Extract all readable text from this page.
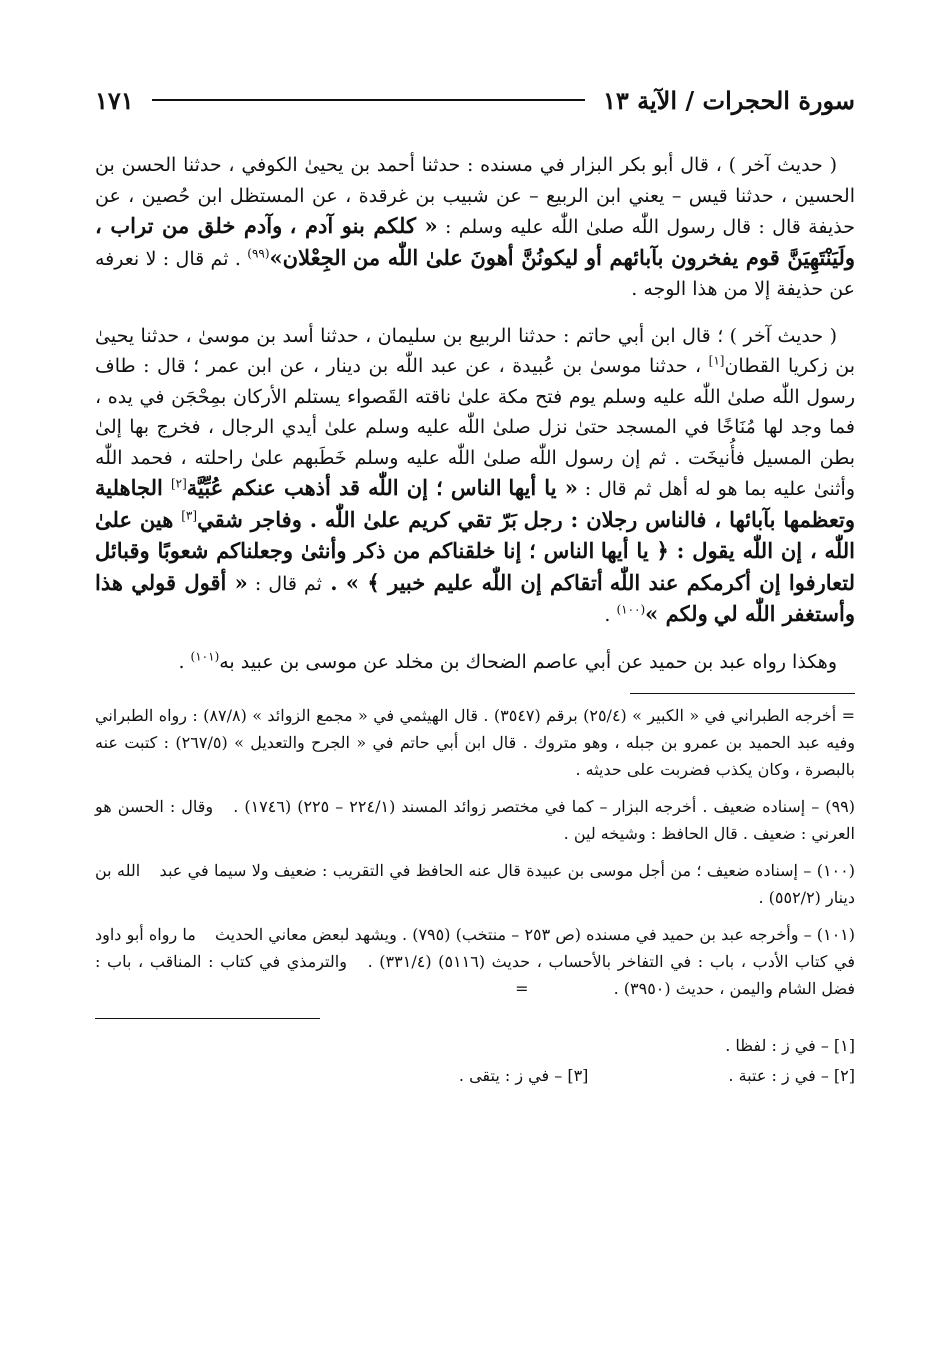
سورة الحجرات / الآية ١٣
١٧١

( حديث آخر ) ، قال أبو بكر البزار في مسنده : حدثنا أحمد بن يحيىٰ الكوفي ، حدثنا الحسن بن الحسين ، حدثنا قيس – يعني ابن الربيع – عن شبيب بن غرقدة ، عن المستظل ابن حُصين ، عن حذيفة قال : قال رسول اللّٰه صلىٰ اللّٰه عليه وسلم : « كلكم بنو آدم ، وآدم خلق من تراب ، ولَيَنْتَهِيَنَّ قوم يفخرون بآبائهم أو ليكونُنَّ أهونَ علىٰ اللّٰه من الجِعْلان»$^{(٩٩)}$ . ثم قال : لا نعرفه عن حذيفة إلا من هذا الوجه .

( حديث آخر ) ؛ قال ابن أبي حاتم : حدثنا الربيع بن سليمان ، حدثنا أسد بن موسىٰ ، حدثنا يحيىٰ بن زكريا القطان[١] ، حدثنا موسىٰ بن عُبيدة ، عن عبد اللّٰه بن دينار ، عن ابن عمر ؛ قال : طاف رسول اللّٰه صلىٰ اللّٰه عليه وسلم يوم فتح مكة علىٰ ناقته القَصواء يستلم الأركان بمِحْجَن في يده ، فما وجد لها مُنَاخًا في المسجد حتىٰ نزل صلىٰ اللّٰه عليه وسلم علىٰ أيدي الرجال ، فخرج بها إلىٰ بطن المسيل فأُنيخَت . ثم إن رسول اللّٰه صلىٰ اللّٰه عليه وسلم خَطَبهم علىٰ راحلته ، فحمد اللّٰه وأثنىٰ عليه بما هو له أهل ثم قال : « يا أيها الناس ؛ إن اللّٰه قد أذهب عنكم عُبِّيَّة[٢] الجاهلية وتعظمها بآبائها ، فالناس رجلان : رجل بَرّ تقي كريم علىٰ اللّٰه . وفاجر شقي[٣] هين علىٰ اللّٰه ، إن اللّٰه يقول : ﴿ يا أيها الناس ؛ إنا خلقناكم من ذكر وأنثىٰ وجعلناكم شعوبًا وقبائل لتعارفوا إن أكرمكم عند اللّٰه أتقاكم إن اللّٰه عليم خبير ﴾ » . ثم قال : « أقول قولي هذا وأستغفر اللّٰه لي ولكم »$^{(١٠٠)}$ .

وهكذا رواه عبد بن حميد عن أبي عاصم الضحاك بن مخلد عن موسى بن عبيد به$^{(١٠١)}$ .

= أخرجه الطبراني في « الكبير » (٢٥/٤) برقم (٣٥٤٧) . قال الهيثمي في « مجمع الزوائد » (٨٧/٨) : رواه الطبراني وفيه عبد الحميد بن عمرو بن جبله ، وهو متروك . قال ابن أبي حاتم في « الجرح والتعديل » (٢٦٧/٥) : كتبت عنه بالبصرة ، وكان يكذب فضربت على حديثه .

(٩٩) – إسناده ضعيف . أخرجه البزار – كما في مختصر زوائد المسند (٢٢٤/١ – ٢٢٥) (١٧٤٦) . وقال : الحسن هو العرني : ضعيف . قال الحافظ : وشيخه لين .

(١٠٠) – إسناده ضعيف ؛ من أجل موسى بن عبيدة قال عنه الحافظ في التقريب : ضعيف ولا سيما في عبد الله بن دينار (٥٥٢/٢) .

(١٠١) – وأخرجه عبد بن حميد في مسنده (ص ٢٥٣ – منتخب) (٧٩٥) . ويشهد لبعض معاني الحديث ما رواه أبو داود في كتاب الأدب ، باب : في التفاخر بالأحساب ، حديث (٥١١٦) (٣٣١/٤) . والترمذي في كتاب : المناقب ، باب : فضل الشام واليمن ، حديث (٣٩٥٠) . =

[١] – في ز : لفظا .
[٢] – في ز : عتبة .
[٣] – في ز : يتقى .
